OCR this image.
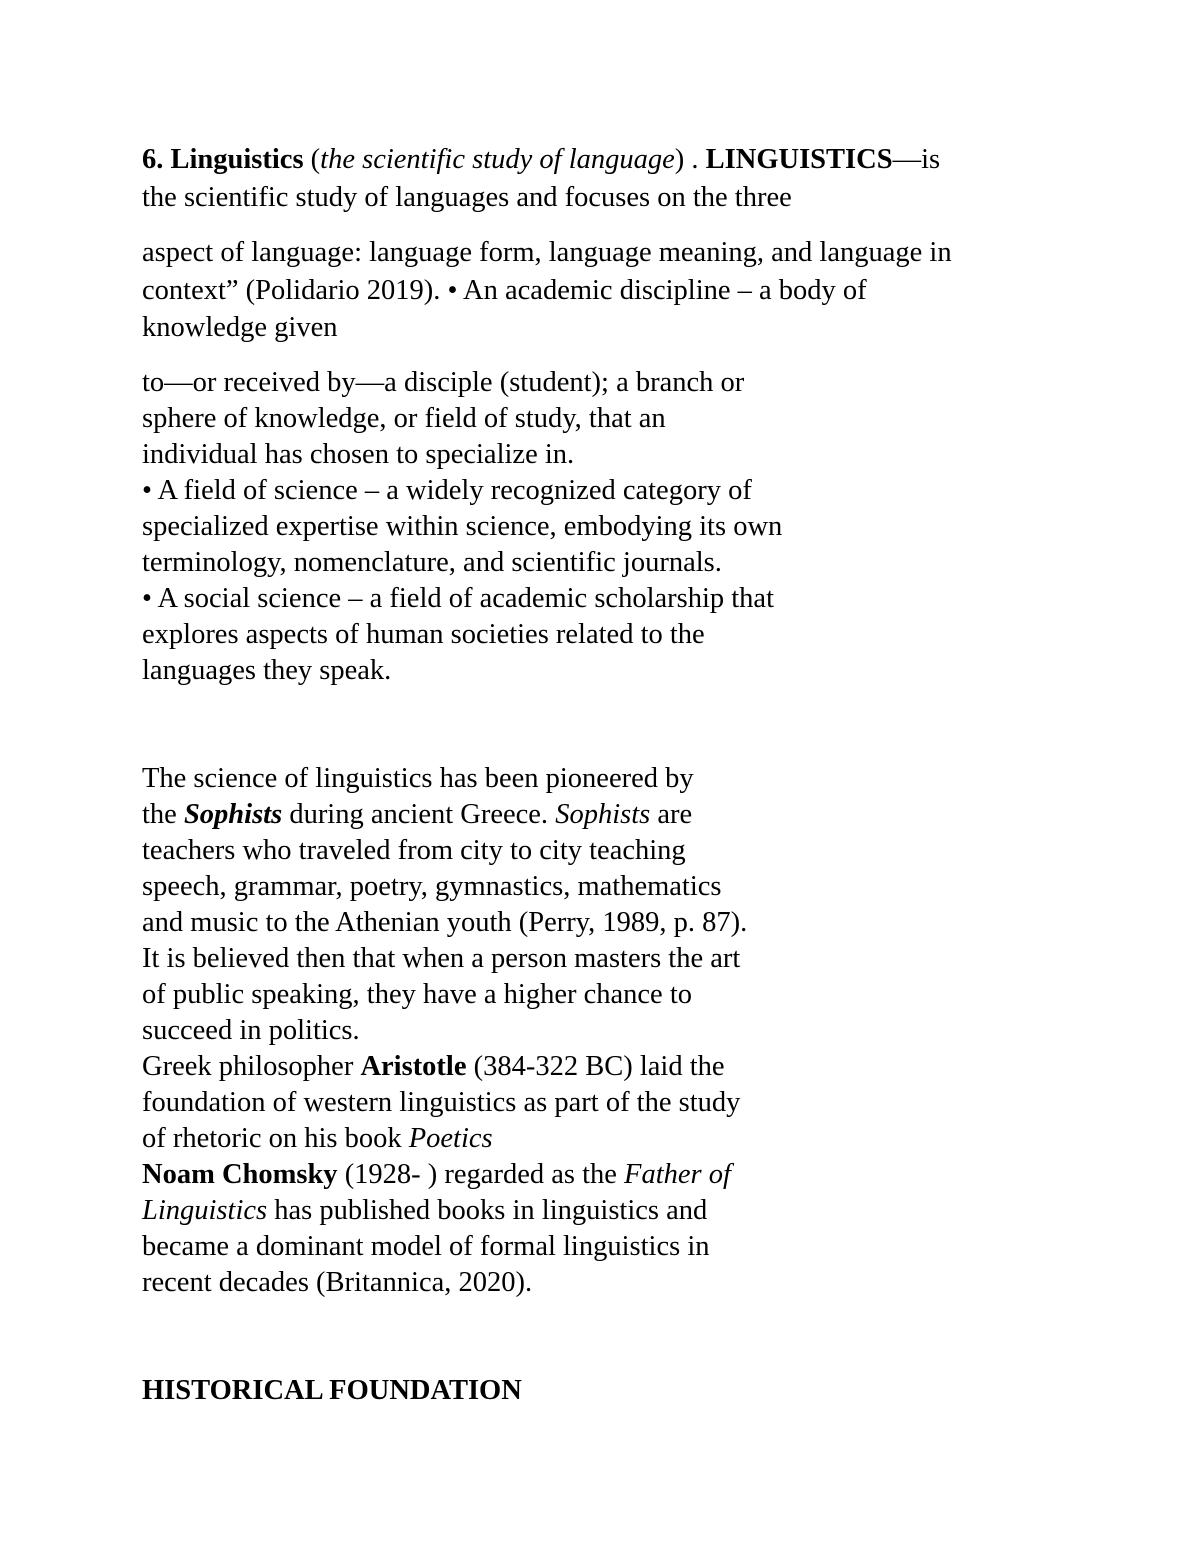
6. Linguistics (the scientific study of language) . LINGUISTICS—is
the scientific study of languages and focuses on the three
aspect of language: language form, language meaning, and language in
context” (Polidario 2019). • An academic discipline – a body of
knowledge given
to—or received by—a disciple (student); a branch or
sphere of knowledge, or field of study, that an
individual has chosen to specialize in.
• A field of science – a widely recognized category of
specialized expertise within science, embodying its own
terminology, nomenclature, and scientific journals.
• A social science – a field of academic scholarship that
explores aspects of human societies related to the
languages they speak.
The science of linguistics has been pioneered by
the Sophists during ancient Greece. Sophists are
teachers who traveled from city to city teaching
speech, grammar, poetry, gymnastics, mathematics
and music to the Athenian youth (Perry, 1989, p. 87).
It is believed then that when a person masters the art
of public speaking, they have a higher chance to
succeed in politics.
Greek philosopher Aristotle (384-322 BC) laid the
foundation of western linguistics as part of the study
of rhetoric on his book Poetics
Noam Chomsky (1928- ) regarded as the Father of
Linguistics has published books in linguistics and
became a dominant model of formal linguistics in
recent decades (Britannica, 2020).
HISTORICAL FOUNDATION
